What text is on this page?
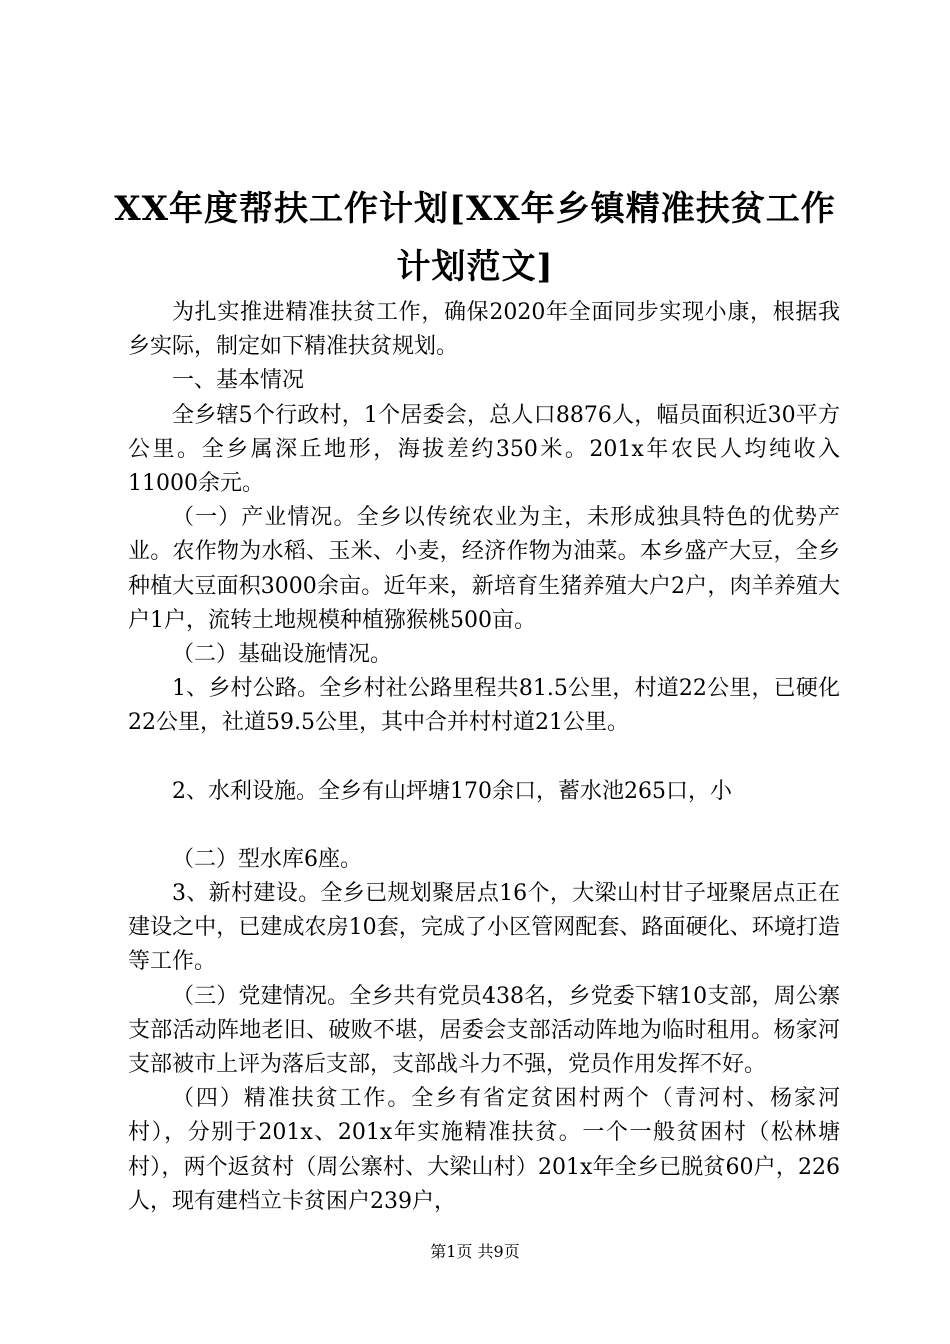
XX年度帮扶工作计划[XX年乡镇精准扶贫工作计划范文]

为扎实推进精准扶贫工作，确保2020年全面同步实现小康，根据我乡实际，制定如下精准扶贫规划。

一、基本情况

全乡辖5个行政村，1个居委会，总人口8876人，幅员面积近30平方公里。全乡属深丘地形，海拔差约350米。201x年农民人均纯收入11000余元。

（一）产业情况。全乡以传统农业为主，未形成独具特色的优势产业。农作物为水稻、玉米、小麦，经济作物为油菜。本乡盛产大豆，全乡种植大豆面积3000余亩。近年来，新培育生猪养殖大户2户，肉羊养殖大户1户，流转土地规模种植猕猴桃500亩。

（二）基础设施情况。

1、乡村公路。全乡村社公路里程共81.5公里，村道22公里，已硬化22公里，社道59.5公里，其中合并村村道21公里。

2、水利设施。全乡有山坪塘170余口，蓄水池265口，小

（二）型水库6座。

3、新村建设。全乡已规划聚居点16个，大梁山村甘子垭聚居点正在建设之中，已建成农房10套，完成了小区管网配套、路面硬化、环境打造等工作。

（三）党建情况。全乡共有党员438名，乡党委下辖10支部，周公寨支部活动阵地老旧、破败不堪，居委会支部活动阵地为临时租用。杨家河支部被市上评为落后支部，支部战斗力不强，党员作用发挥不好。

（四）精准扶贫工作。全乡有省定贫困村两个（青河村、杨家河村），分别于201x、201x年实施精准扶贫。一个一般贫困村（松林塘村），两个返贫村（周公寨村、大梁山村）201x年全乡已脱贫60户，226人，现有建档立卡贫困户239户，

第1页 共9页
